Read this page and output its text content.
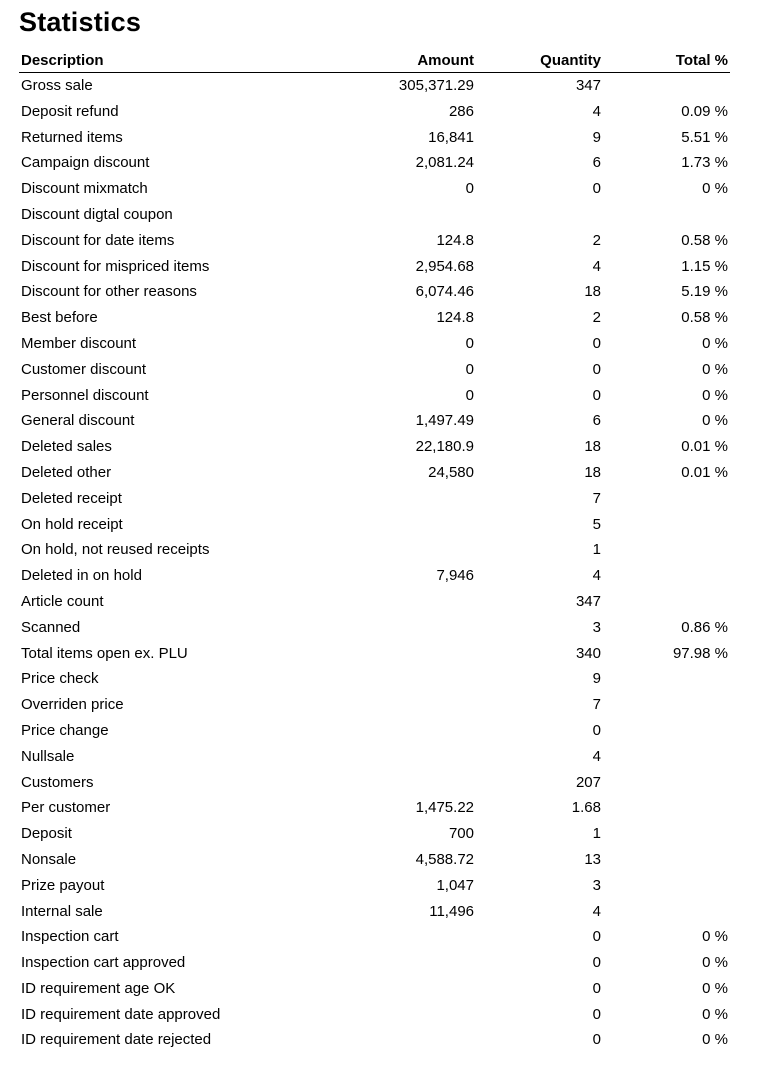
Statistics
Description	Amount	Quantity	Total %
Gross sale	305,371.29	347	
Deposit refund	286	4	0.09 %
Returned items	16,841	9	5.51 %
Campaign discount	2,081.24	6	1.73 %
Discount mixmatch	0	0	0 %
Discount digtal coupon			
Discount for date items	124.8	2	0.58 %
Discount for mispriced items	2,954.68	4	1.15 %
Discount for other reasons	6,074.46	18	5.19 %
Best before	124.8	2	0.58 %
Member discount	0	0	0 %
Customer discount	0	0	0 %
Personnel discount	0	0	0 %
General discount	1,497.49	6	0 %
Deleted sales	22,180.9	18	0.01 %
Deleted other	24,580	18	0.01 %
Deleted receipt		7	
On hold receipt		5	
On hold, not reused receipts		1	
Deleted in on hold	7,946	4	
Article count		347	
Scanned		3	0.86 %
Total items open ex. PLU		340	97.98 %
Price check		9	
Overriden price		7	
Price change		0	
Nullsale		4	
Customers		207	
Per customer	1,475.22	1.68	
Deposit	700	1	
Nonsale	4,588.72	13	
Prize payout	1,047	3	
Internal sale	11,496	4	
Inspection cart		0	0 %
Inspection cart approved		0	0 %
ID requirement age OK		0	0 %
ID requirement date approved		0	0 %
ID requirement date rejected		0	0 %
